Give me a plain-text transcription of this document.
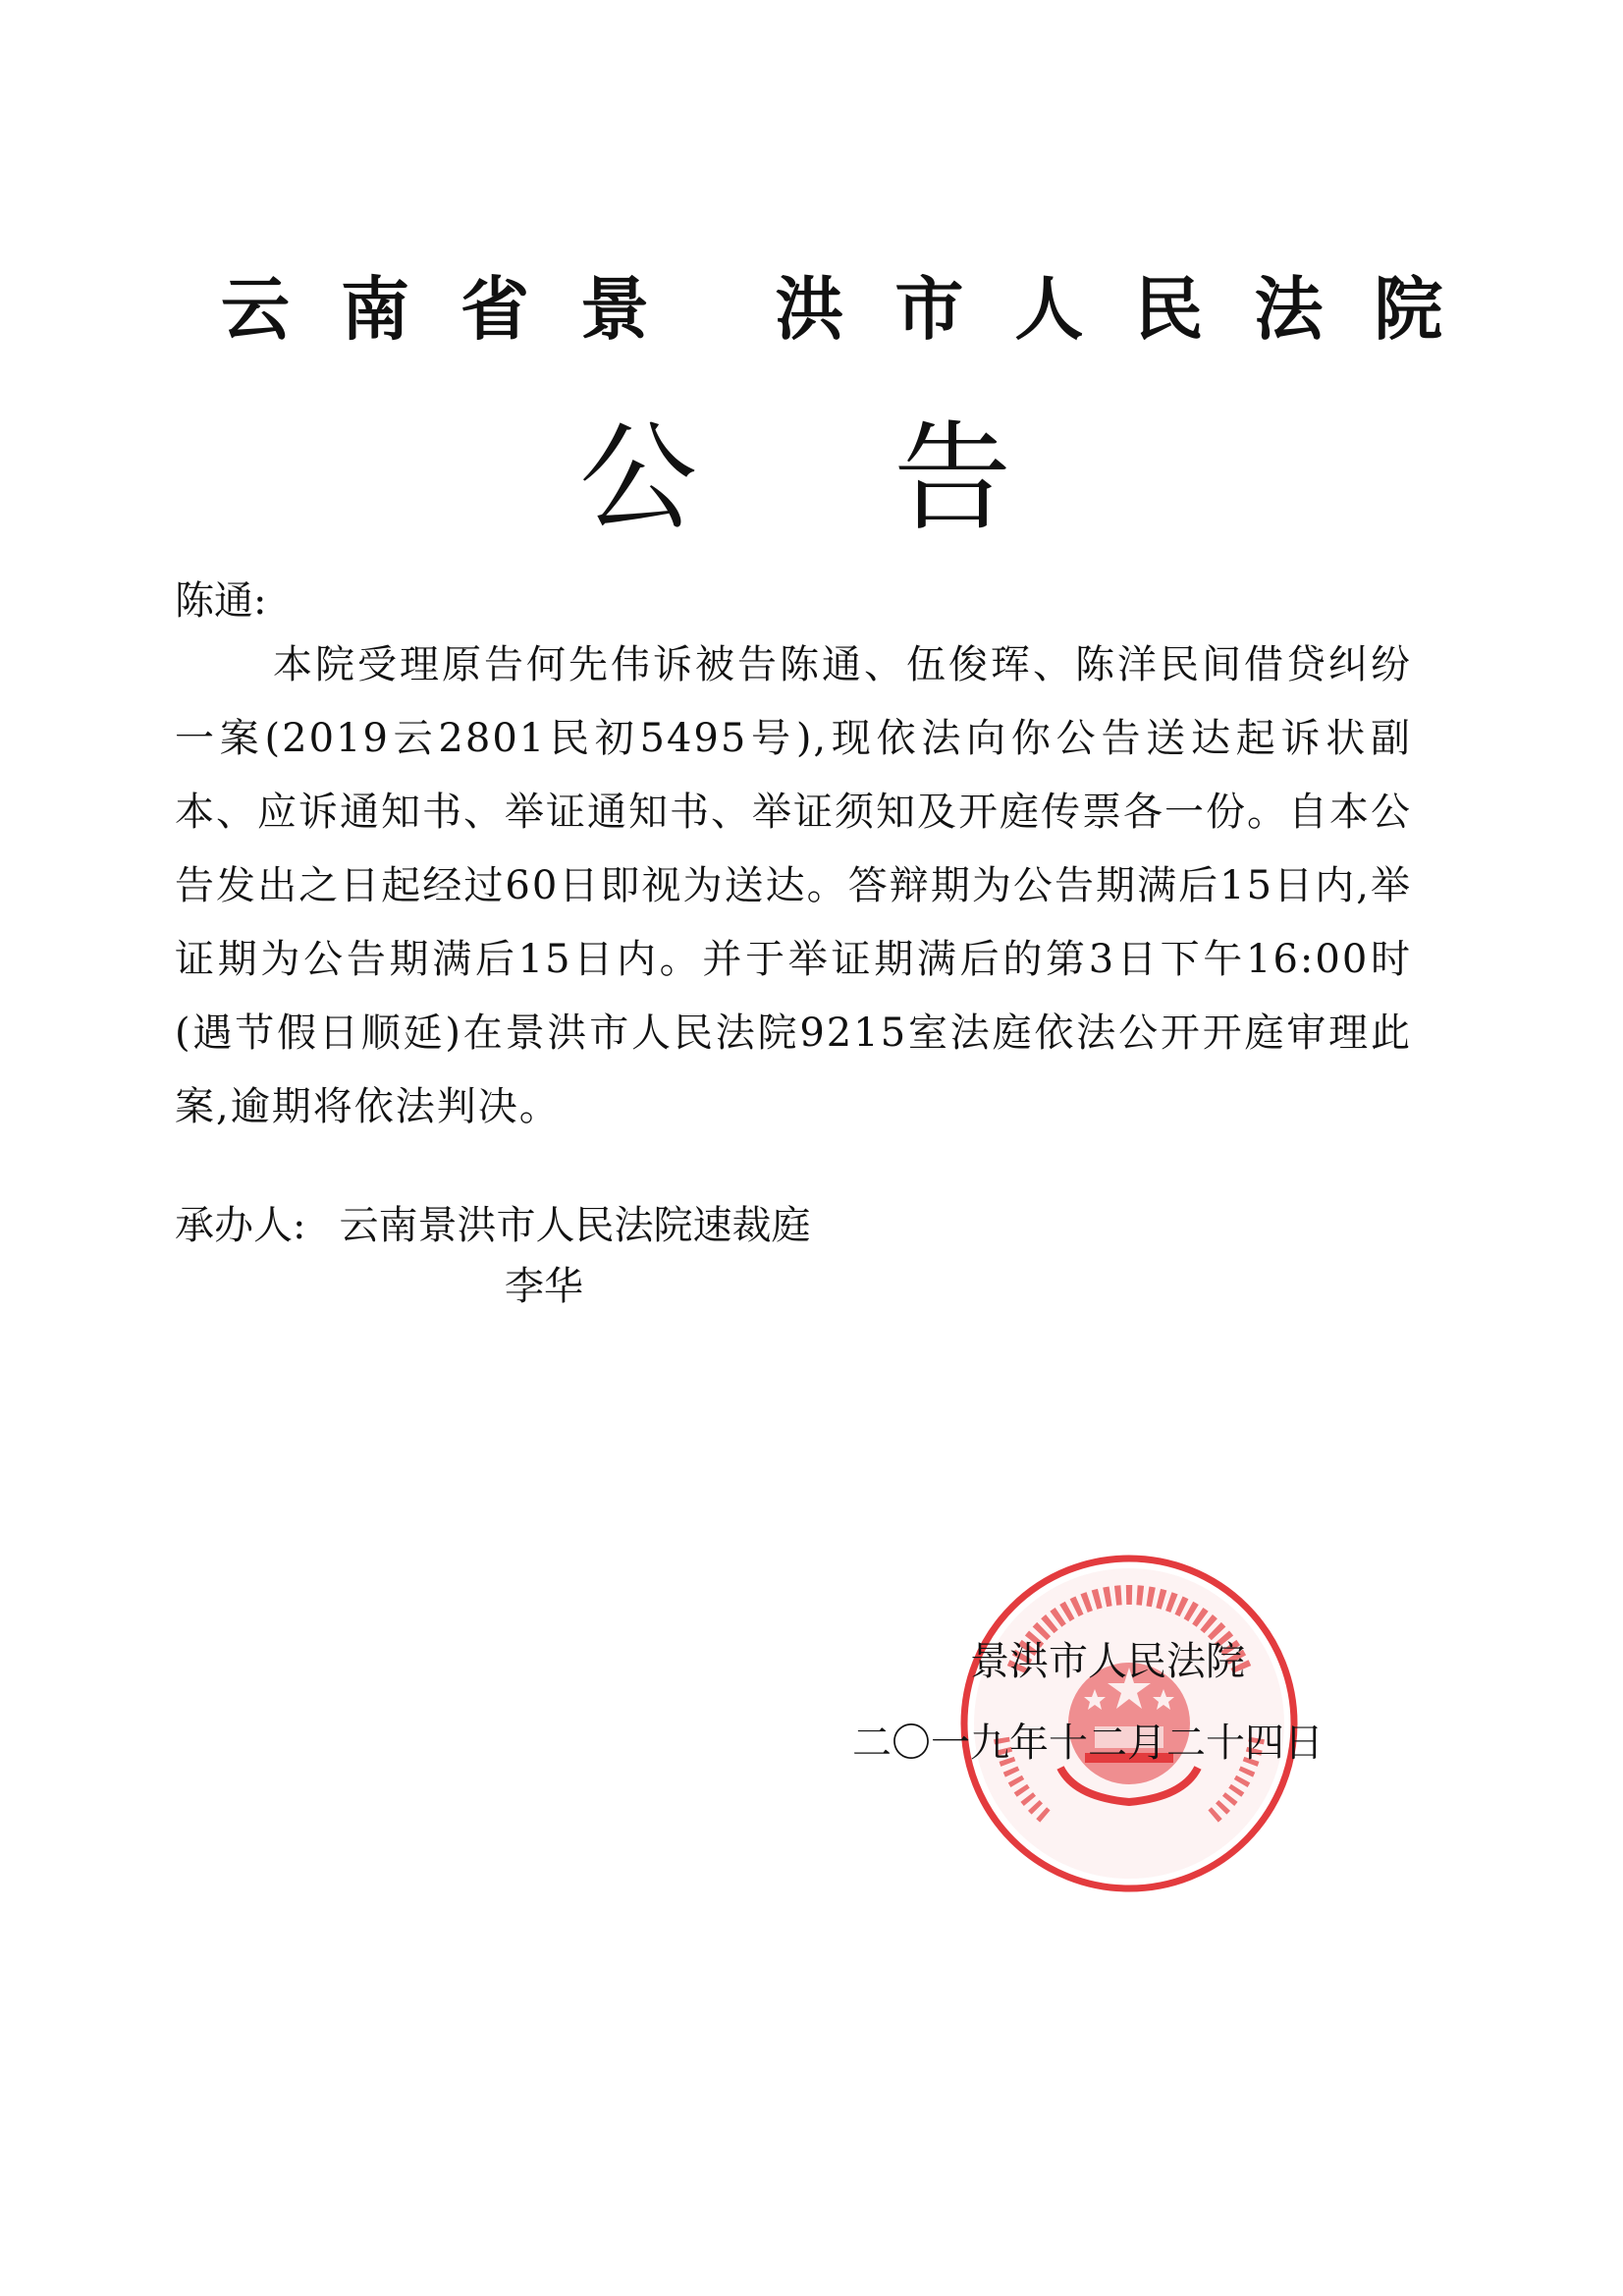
云南省景 洪市人民法院
公告
陈通:
本院受理原告何先伟诉被告陈通、伍俊珲、陈洋民间借贷纠纷一案(2019云2801民初5495号),现依法向你公告送达起诉状副本、应诉通知书、举证通知书、举证须知及开庭传票各一份。自本公告发出之日起经过60日即视为送达。答辩期为公告期满后15日内,举证期为公告期满后15日内。并于举证期满后的第3日下午16:00时(遇节假日顺延)在景洪市人民法院9215室法庭依法公开开庭审理此案,逾期将依法判决。
承办人: 云南景洪市人民法院速裁庭
李华
景洪市人民法院
二〇一九年十二月二十四日
